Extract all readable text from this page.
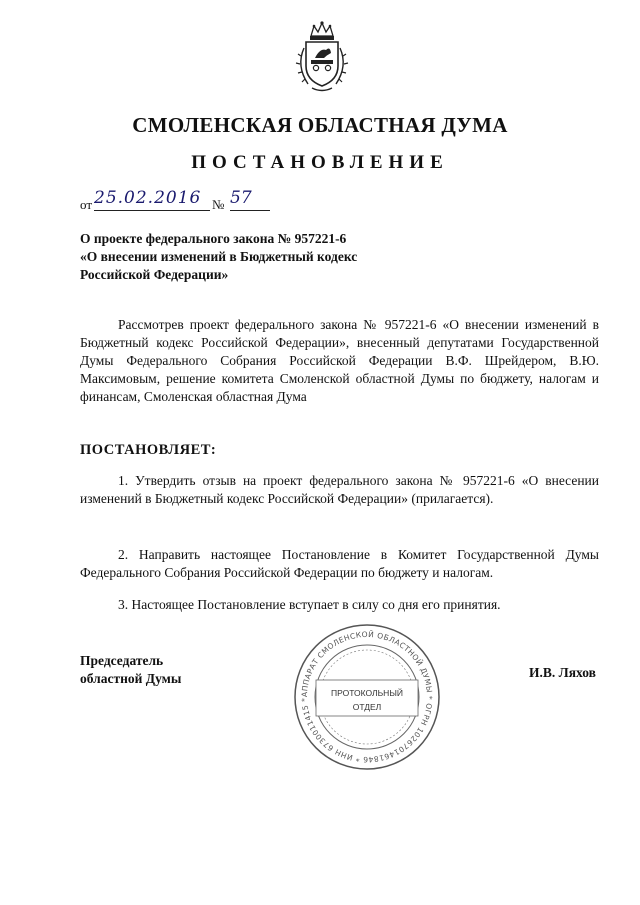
СМОЛЕНСКАЯ ОБЛАСТНАЯ ДУМА
ПОСТАНОВЛЕНИЕ
от 25.02.2016 № 57
О проекте федерального закона № 957221-6
«О внесении изменений в Бюджетный кодекс
Российской Федерации»
Рассмотрев проект федерального закона № 957221-6 «О внесении изменений в Бюджетный кодекс Российской Федерации», внесенный депутатами Государственной Думы Федерального Собрания Российской Федерации В.Ф. Шрейдером, В.Ю. Максимовым, решение комитета Смоленской областной Думы по бюджету, налогам и финансам, Смоленская областная Дума
ПОСТАНОВЛЯЕТ:
1. Утвердить отзыв на проект федерального закона № 957221-6 «О внесении изменений в Бюджетный кодекс Российской Федерации» (прилагается).
2. Направить настоящее Постановление в Комитет Государственной Думы Федерального Собрания Российской Федерации по бюджету и налогам.
3. Настоящее Постановление вступает в силу со дня его принятия.
Председатель
областной Думы	И.В. Ляхов
АППАРАТ СМОЛЕНСКОЙ ОБЛАСТНОЙ ДУМЫ * ОГРН 1026701461846 * ИНН 6730011415 *
ПРОТОКОЛЬНЫЙ
ОТДЕЛ
